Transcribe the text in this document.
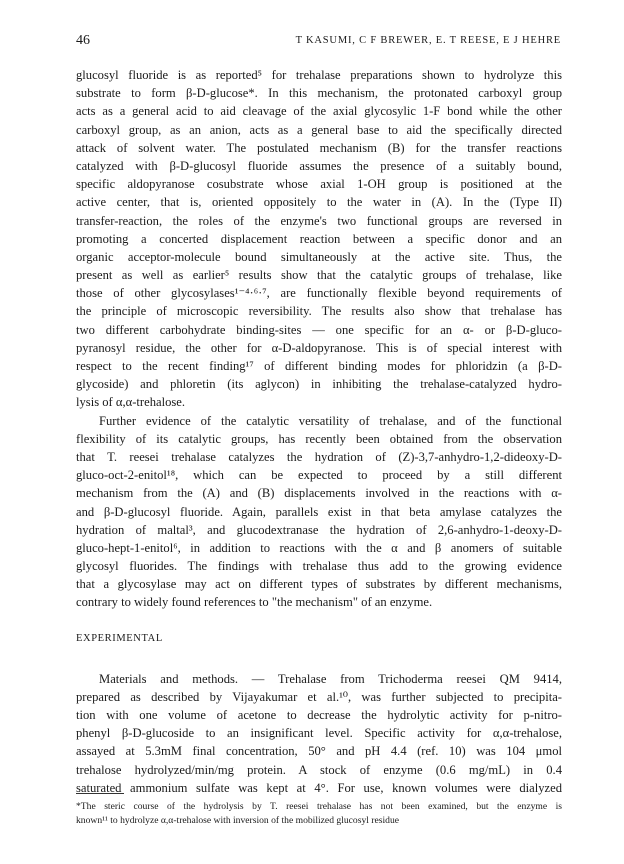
46	T KASUMI, C F BREWER, E. T REESE, E J HEHRE
glucosyl fluoride is as reported⁵ for trehalase preparations shown to hydrolyze this
substrate to form β-D-glucose*. In this mechanism, the protonated carboxyl group
acts as a general acid to aid cleavage of the axial glycosylic 1-F bond while the other
carboxyl group, as an anion, acts as a general base to aid the specifically directed
attack of solvent water. The postulated mechanism (B) for the transfer reactions
catalyzed with β-D-glucosyl fluoride assumes the presence of a suitably bound,
specific aldopyranose cosubstrate whose axial 1-OH group is positioned at the
active center, that is, oriented oppositely to the water in (A). In the (Type II)
transfer-reaction, the roles of the enzyme's two functional groups are reversed in
promoting a concerted displacement reaction between a specific donor and an
organic acceptor-molecule bound simultaneously at the active site. Thus, the
present as well as earlier⁵ results show that the catalytic groups of trehalase, like
those of other glycosylases¹⁻⁴·⁶·⁷, are functionally flexible beyond requirements of
the principle of microscopic reversibility. The results also show that trehalase has
two different carbohydrate binding-sites — one specific for an α- or β-D-gluco-
pyranosyl residue, the other for α-D-aldopyranose. This is of special interest with
respect to the recent finding¹⁷ of different binding modes for phloridzin (a β-D-
glycoside) and phloretin (its aglycon) in inhibiting the trehalase-catalyzed hydro-
lysis of α,α-trehalose.
Further evidence of the catalytic versatility of trehalase, and of the functional
flexibility of its catalytic groups, has recently been obtained from the observation
that T. reesei trehalase catalyzes the hydration of (Z)-3,7-anhydro-1,2-dideoxy-D-
gluco-oct-2-enitol¹⁸, which can be expected to proceed by a still different
mechanism from the (A) and (B) displacements involved in the reactions with α-
and β-D-glucosyl fluoride. Again, parallels exist in that beta amylase catalyzes the
hydration of maltal³, and glucodextranase the hydration of 2,6-anhydro-1-deoxy-D-
gluco-hept-1-enitol⁶, in addition to reactions with the α and β anomers of suitable
glycosyl fluorides. The findings with trehalase thus add to the growing evidence
that a glycosylase may act on different types of substrates by different mechanisms,
contrary to widely found references to "the mechanism" of an enzyme.
EXPERIMENTAL
Materials and methods. — Trehalase from Trichoderma reesei QM 9414,
prepared as described by Vijayakumar et al.¹⁰, was further subjected to precipita-
tion with one volume of acetone to decrease the hydrolytic activity for p-nitro-
phenyl β-D-glucoside to an insignificant level. Specific activity for α,α-trehalose,
assayed at 5.3mM final concentration, 50° and pH 4.4 (ref. 10) was 104 μmol
trehalose hydrolyzed/min/mg protein. A stock of enzyme (0.6 mg/mL) in 0.4
saturated ammonium sulfate was kept at 4°. For use, known volumes were dialyzed
*The steric course of the hydrolysis by T. reesei trehalase has not been examined, but the enzyme is
known¹¹ to hydrolyze α,α-trehalose with inversion of the mobilized glucosyl residue
